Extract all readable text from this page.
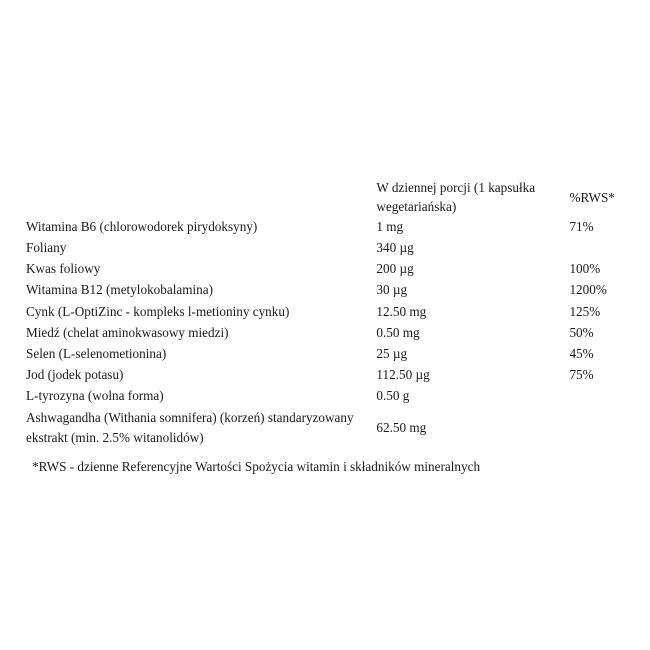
	W dziennej porcji (1 kapsułka wegetariańska)	%RWS*
Witamina B6 (chlorowodorek pirydoksyny)	1 mg	71%
Foliany	340 µg	
Kwas foliowy	200 µg	100%
Witamina B12 (metylokobalamina)	30 µg	1200%
Cynk (L-OptiZinc - kompleks l-metioniny cynku)	12.50 mg	125%
Miedź (chelat aminokwasowy miedzi)	0.50 mg	50%
Selen (L-selenometionina)	25 µg	45%
Jod (jodek potasu)	112.50 µg	75%
L-tyrozyna (wolna forma)	0.50 g	
Ashwagandha (Withania somnifera) (korzeń) standaryzowany ekstrakt (min. 2.5% witanolidów)	62.50 mg	
*RWS - dzienne Referencyjne Wartości Spożycia witamin i składników mineralnych
